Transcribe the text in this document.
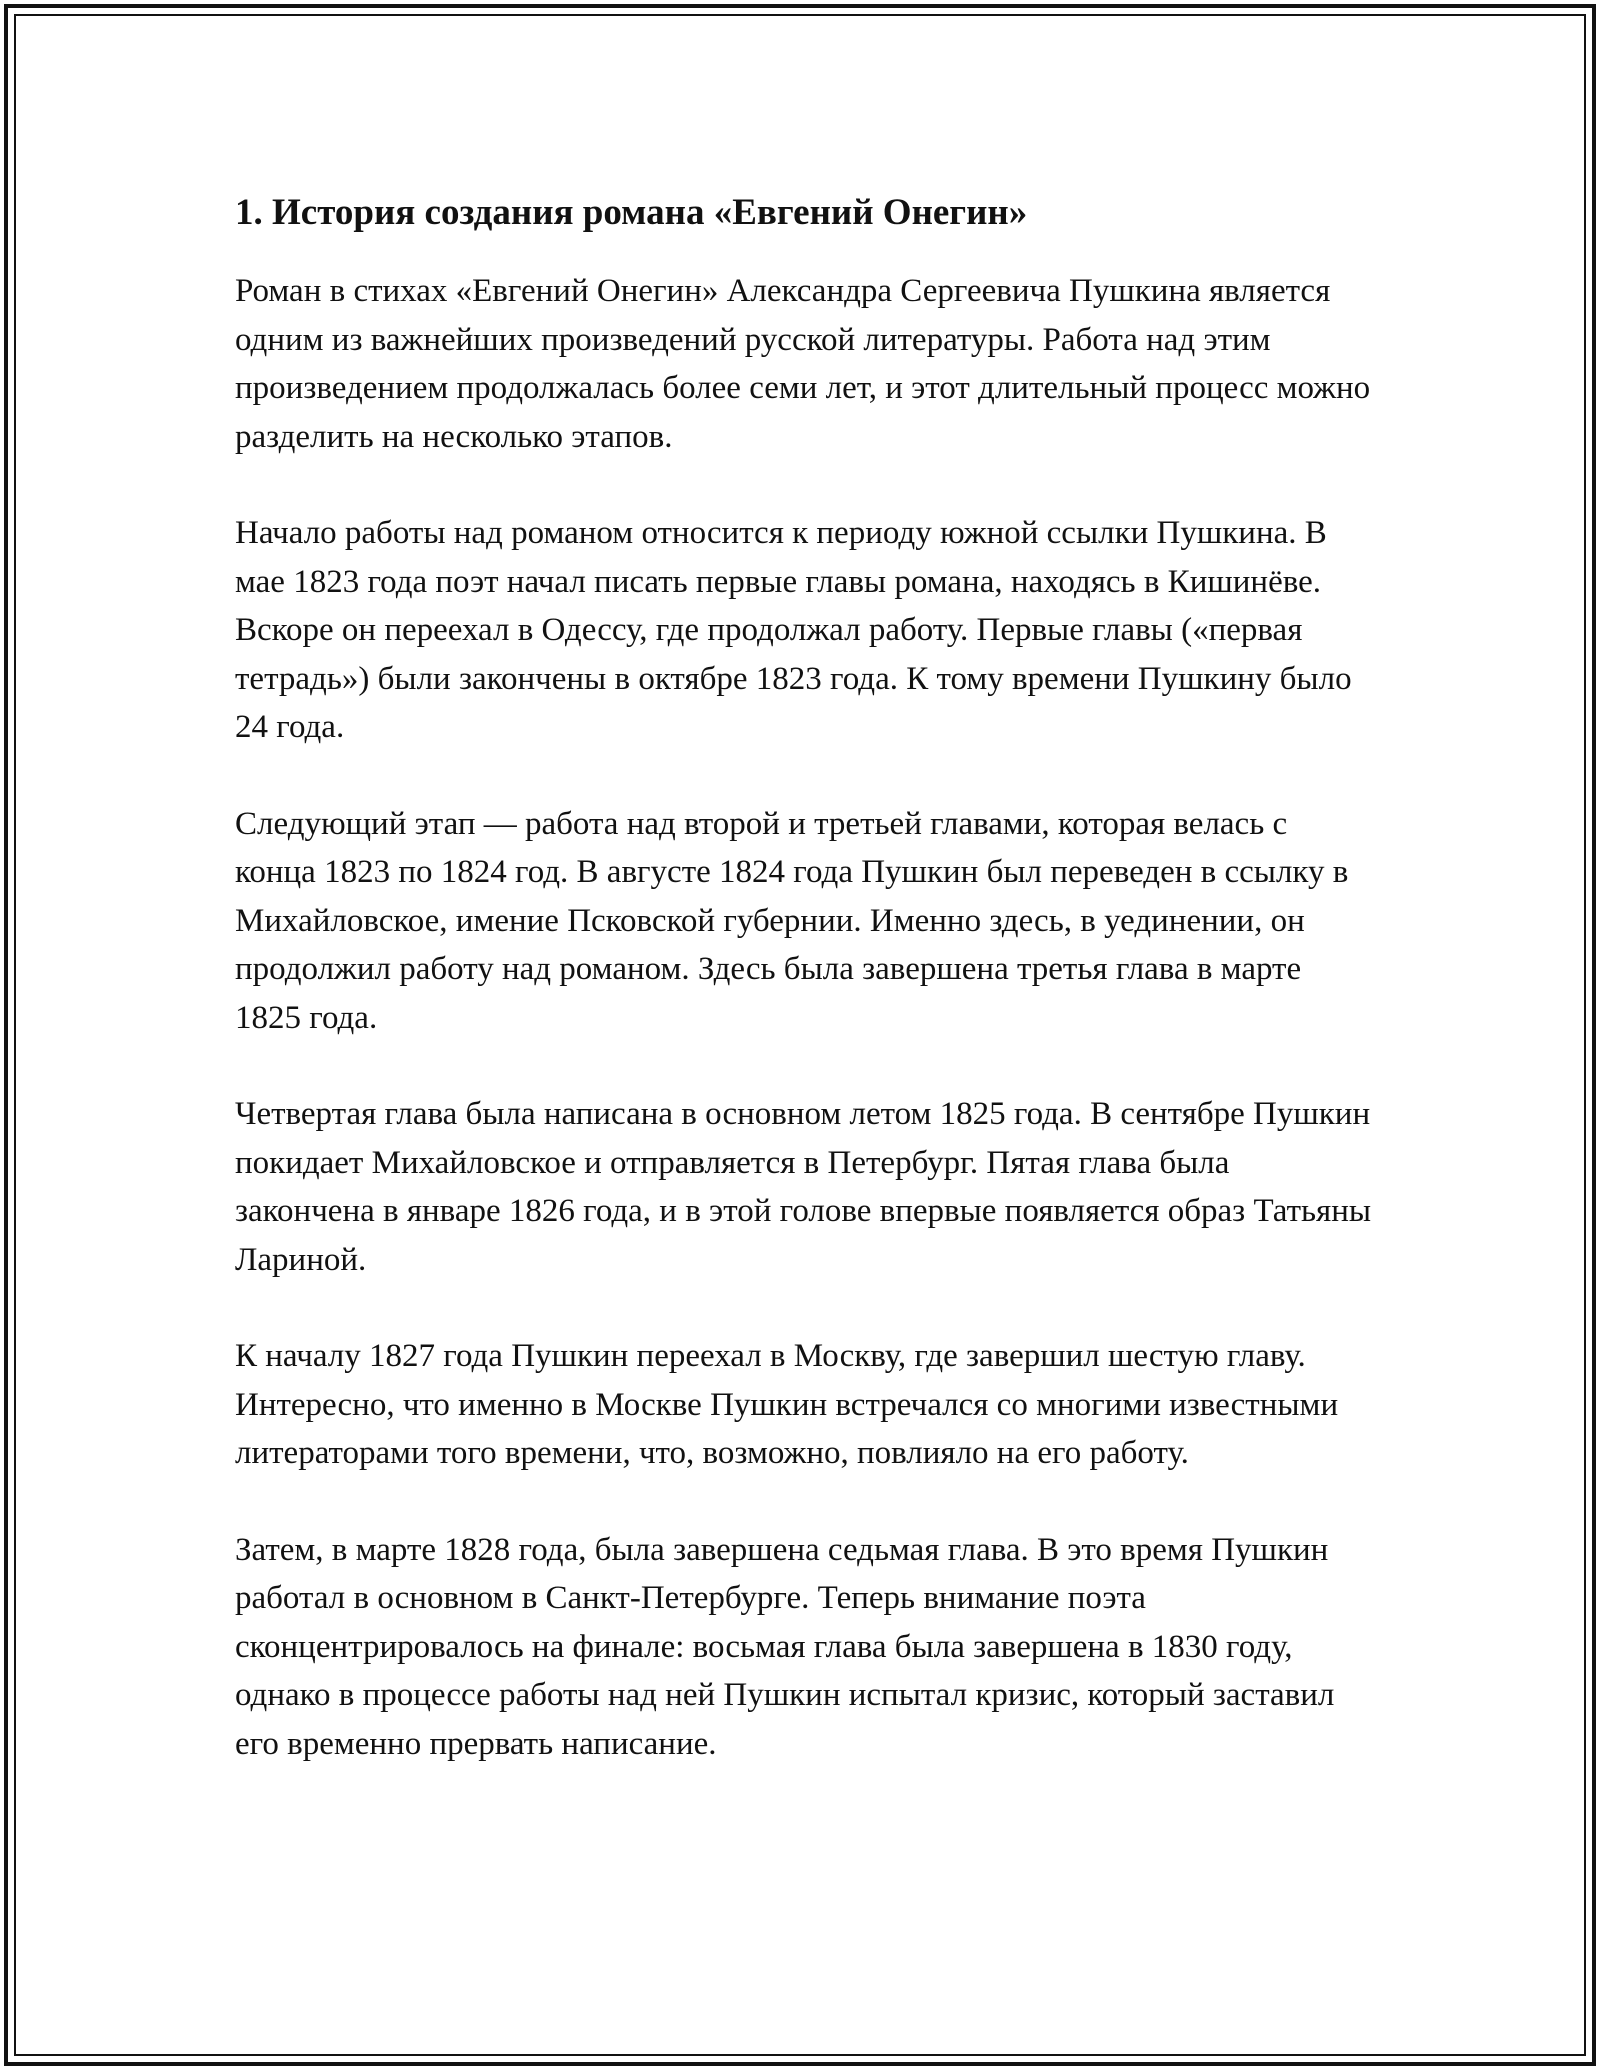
1. История создания романа «Евгений Онегин»

Роман в стихах «Евгений Онегин» Александра Сергеевича Пушкина является одним из важнейших произведений русской литературы. Работа над этим произведением продолжалась более семи лет, и этот длительный процесс можно разделить на несколько этапов.

Начало работы над романом относится к периоду южной ссылки Пушкина. В мае 1823 года поэт начал писать первые главы романа, находясь в Кишинёве. Вскоре он переехал в Одессу, где продолжал работу. Первые главы («первая тетрадь») были закончены в октябре 1823 года. К тому времени Пушкину было 24 года.

Следующий этап — работа над второй и третьей главами, которая велась с конца 1823 по 1824 год. В августе 1824 года Пушкин был переведен в ссылку в Михайловское, имение Псковской губернии. Именно здесь, в уединении, он продолжил работу над романом. Здесь была завершена третья глава в марте 1825 года.

Четвертая глава была написана в основном летом 1825 года. В сентябре Пушкин покидает Михайловское и отправляется в Петербург. Пятая глава была закончена в январе 1826 года, и в этой голове впервые появляется образ Татьяны Лариной.

К началу 1827 года Пушкин переехал в Москву, где завершил шестую главу. Интересно, что именно в Москве Пушкин встречался со многими известными литераторами того времени, что, возможно, повлияло на его работу.

Затем, в марте 1828 года, была завершена седьмая глава. В это время Пушкин работал в основном в Санкт-Петербурге. Теперь внимание поэта сконцентрировалось на финале: восьмая глава была завершена в 1830 году, однако в процессе работы над ней Пушкин испытал кризис, который заставил его временно прервать написание.
